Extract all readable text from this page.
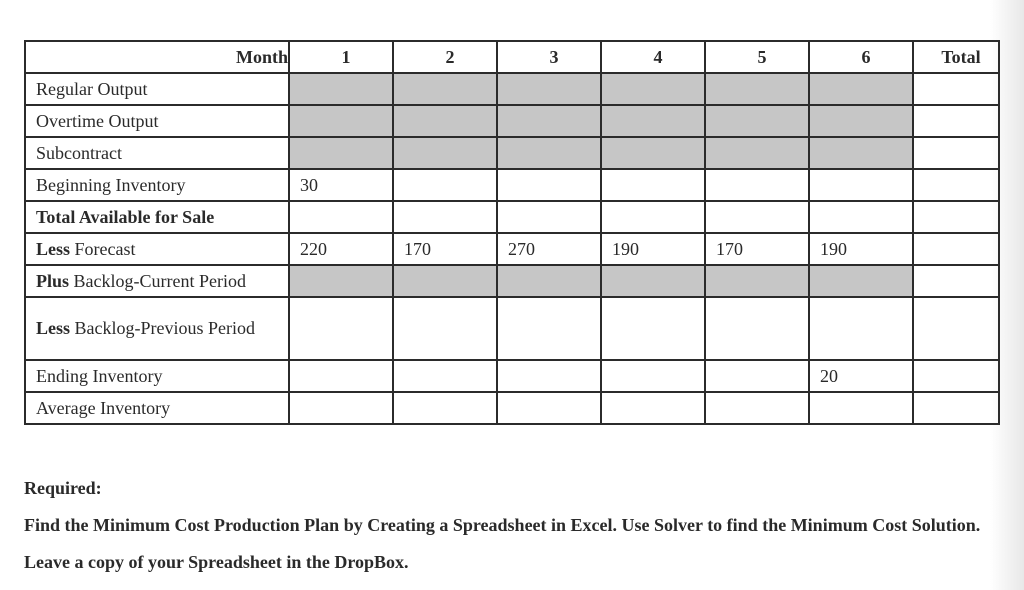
Month	1	2	3	4	5	6	Total
Regular Output							
Overtime Output							
Subcontract							
Beginning Inventory	30						
Total Available for Sale							
Less Forecast	220	170	270	190	170	190	
Plus Backlog-Current Period							
Less Backlog-Previous Period							
Ending Inventory						20	
Average Inventory							

Required:

Find the Minimum Cost Production Plan by Creating a Spreadsheet in Excel. Use Solver to find the Minimum Cost Solution. Leave a copy of your Spreadsheet in the DropBox.
